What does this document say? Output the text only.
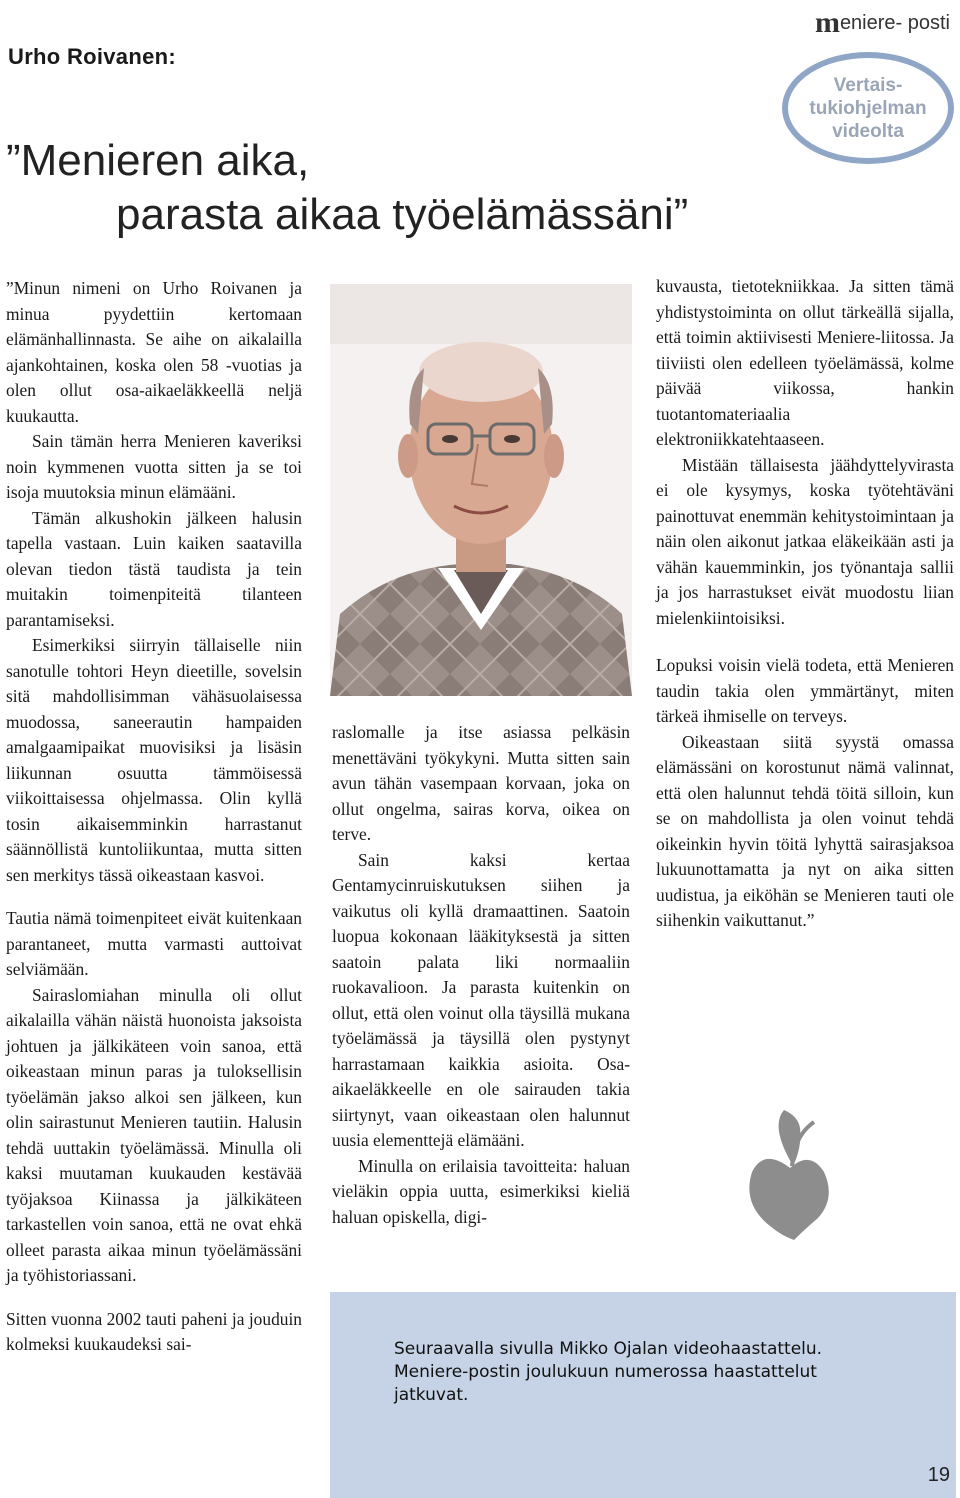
Urho Roivanen:
meniere- posti
Vertais-
tukiohjelman
videolta
”Menieren aika,
parasta aikaa työelämässäni”

”Minun nimeni on Urho Roivanen ja minua pyydettiin kertomaan elämänhallinnasta. Se aihe on aikalailla ajankohtainen, koska olen 58 -vuotias ja olen ollut osa-aikaeläkkeellä neljä kuukautta.

Sain tämän herra Menieren kaveriksi noin kymmenen vuotta sitten ja se toi isoja muutoksia minun elämääni.

Tämän alkushokin jälkeen halusin tapella vastaan. Luin kaiken saatavilla olevan tiedon tästä taudista ja tein muitakin toimenpiteitä tilanteen parantamiseksi.

Esimerkiksi siirryin tällaiselle niin sanotulle tohtori Heyn dieetille, sovelsin sitä mahdollisimman vähäsuolaisessa muodossa, saneerautin hampaiden amalgaamipaikat muovisiksi ja lisäsin liikunnan osuutta tämmöisessä viikoittaisessa ohjelmassa. Olin kyllä tosin aikaisemminkin harrastanut säännöllistä kuntoliikuntaa, mutta sitten sen merkitys tässä oikeastaan kasvoi.

Tautia nämä toimenpiteet eivät kuitenkaan parantaneet, mutta varmasti auttoivat selviämään.

Sairaslomiahan minulla oli ollut aikalailla vähän näistä huonoista jaksoista johtuen ja jälkikäteen voin sanoa, että oikeastaan minun paras ja tuloksellisin työelämän jakso alkoi sen jälkeen, kun olin sairastunut Menieren tautiin. Halusin tehdä uuttakin työelämässä. Minulla oli kaksi muutaman kuukauden kestävää työjaksoa Kiinassa ja jälkikäteen tarkastellen voin sanoa, että ne ovat ehkä olleet parasta aikaa minun työelämässäni ja työhistoriassani.

Sitten vuonna 2002 tauti paheni ja jouduin kolmeksi kuukaudeksi sai-

raslomalle ja itse asiassa pelkäsin menettäväni työkykyni. Mutta sitten sain avun tähän vasempaan korvaan, joka on ollut ongelma, sairas korva, oikea on terve.

Sain kaksi kertaa Gentamycinruiskutuksen siihen ja vaikutus oli kyllä dramaattinen. Saatoin luopua kokonaan lääkityksestä ja sitten saatoin palata liki normaaliin ruokavalioon. Ja parasta kuitenkin on ollut, että olen voinut olla täysillä mukana työelämässä ja täysillä olen pystynyt harrastamaan kaikkia asioita. Osa-aikaeläkkeelle en ole sairauden takia siirtynyt, vaan oikeastaan olen halunnut uusia elementtejä elämääni.

Minulla on erilaisia tavoitteita: haluan vieläkin oppia uutta, esimerkiksi kieliä haluan opiskella, digi-

kuvausta, tietotekniikkaa. Ja sitten tämä yhdistystoiminta on ollut tärkeällä sijalla, että toimin aktiivisesti Meniere-liitossa. Ja tiiviisti olen edelleen työelämässä, kolme päivää viikossa, hankin tuotantomateriaalia elektroniikkatehtaaseen.

Mistään tällaisesta jäähdyttelyvirasta ei ole kysymys, koska työtehtäväni painottuvat enemmän kehitystoimintaan ja näin olen aikonut jatkaa eläkeikään asti ja vähän kauemminkin, jos työnantaja sallii ja jos harrastukset eivät muodostu liian mielenkiintoisiksi.

Lopuksi voisin vielä todeta, että Menieren taudin takia olen ymmärtänyt, miten tärkeä ihmiselle on terveys.

Oikeastaan siitä syystä omassa elämässäni on korostunut nämä valinnat, että olen halunnut tehdä töitä silloin, kun se on mahdollista ja olen voinut tehdä oikeinkin hyvin töitä lyhyttä sairasjaksoa lukuunottamatta ja nyt on aika sitten uudistua, ja eiköhän se Menieren tauti ole siihenkin vaikuttanut.”

Seuraavalla sivulla Mikko Ojalan videohaastattelu.
Meniere-postin joulukuun numerossa haastattelut
jatkuvat.
19
